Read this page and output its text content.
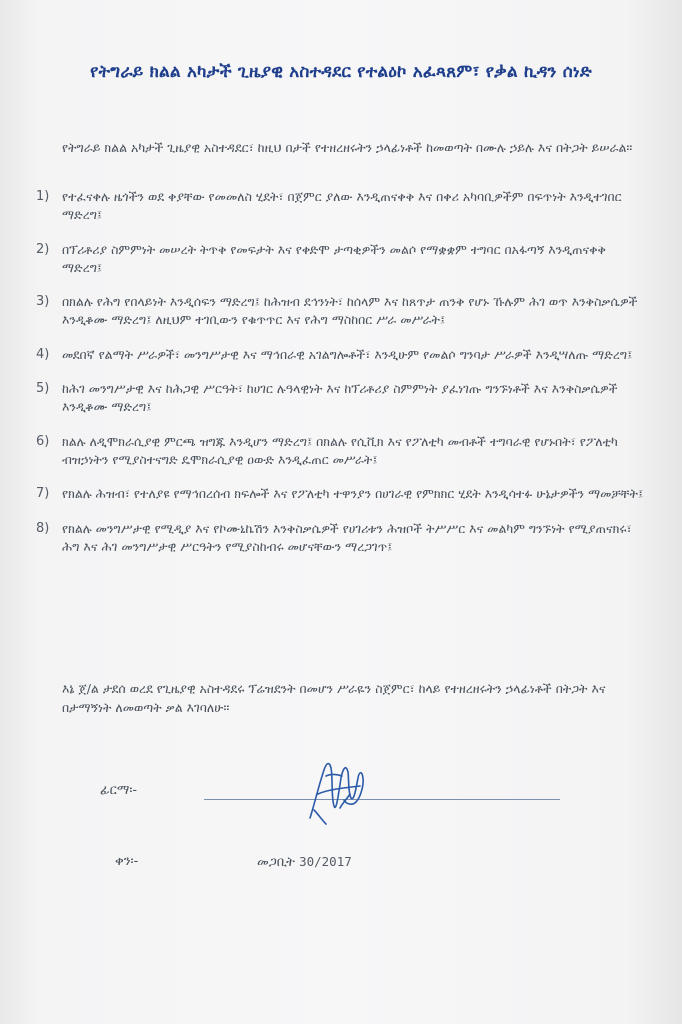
የትግራይ ክልል አካታች ጊዜያዊ አስተዳደር የተልዕኮ አፈጻጸም፣ የቃል ኪዳን ሰነድ
የትግራይ ክልል አካታች ጊዜያዊ አስተዳደር፣ ከዚህ በታች የተዘረዘሩትን ኃላፊነቶች ከመወጣት በሙሉ ኃይሉ እና በትጋት ይሠራል።
1)	የተፈናቀሉ ዜጎችን ወደ ቀያቸው የመመለስ ሂደት፣ በጀምር ያለው እንዲጠናቀቅ እና በቀሪ አካባቢዎችም በፍጥነት እንዲተገበር ማድረግ፤
2)	በፕሪቶሪያ ስምምነት መሠረት ትጥቅ የመፍታት እና የቀድሞ ታጣቂዎችን መልሶ የማቋቋም ተግባር በአፋጣኝ እንዲጠናቀቅ ማድረግ፤
3)	በክልሉ የሕግ የበላይነት እንዲሰፍን ማድረግ፤ ከሕዝብ ደኅንነት፣ ከሰላም እና ከጸጥታ ጠንቅ የሆኑ ኹሉም ሕገ ወጥ እንቅስቃሴዎች እንዲቆሙ ማድረግ፤ ለዚህም ተገቢውን የቁጥጥር እና የሕግ ማስከበር ሥራ መሥራት፤
4)	መደበኛ የልማት ሥራዎች፣ መንግሥታዊ እና ማኅበራዊ አገልግሎቶች፣ እንዲሁም የመልሶ ግንባታ ሥራዎች እንዲሣለጡ ማድረግ፤
5)	ከሕገ መንግሥታዊ እና ከሕጋዊ ሥርዓት፣ ከሀገር ሉዓላዊነት እና ከፕሪቶሪያ ስምምነት ያፈነገጡ ግንኙነቶች እና እንቅስቃሴዎች እንዲቆሙ ማድረግ፤
6)	ክልሉ ለዲሞክራሲያዊ ምርጫ ዝግጁ እንዲሆን ማድረግ፤ በክልሉ የሲቪክ እና የፖለቲካ መብቶች ተግባራዊ የሆኑበት፣ የፖለቲካ ብዝኃነትን የሚያስተናግድ ዴሞክራሲያዊ ዐውድ እንዲፈጠር መሥራት፤
7)	የክልሉ ሕዝብ፣ የተለያዩ የማኅበረሰብ ክፍሎች እና የፖለቲካ ተዋንያን በሀገራዊ የምክክር ሂደት እንዲሳተፉ ሁኔታዎችን ማመቻቸት፤
8)	የክልሉ መንግሥታዊ የሚዲያ እና የኮሙኒኬሽን እንቅስቃሴዎች የሀገሪቱን ሕዝቦች ትሥሥር እና መልካም ግንኙነት የሚያጠናክሩ፣ ሕግ እና ሕገ መንግሥታዊ ሥርዓትን የሚያስከብሩ መሆናቸውን ማረጋገጥ፤
እኔ ጀ/ል ታደሰ ወረደ የጊዜያዊ አስተዳደሩ ፕሬዝደንት በመሆን ሥራዬን ስጀምር፣ ከላይ የተዘረዘሩትን ኃላፊነቶች በትጋት እና በታማኝነት ለመወጣት ቃል እገባለሁ።
ፊርማ፡-
ቀን፡-	መጋቢት 30/2017
